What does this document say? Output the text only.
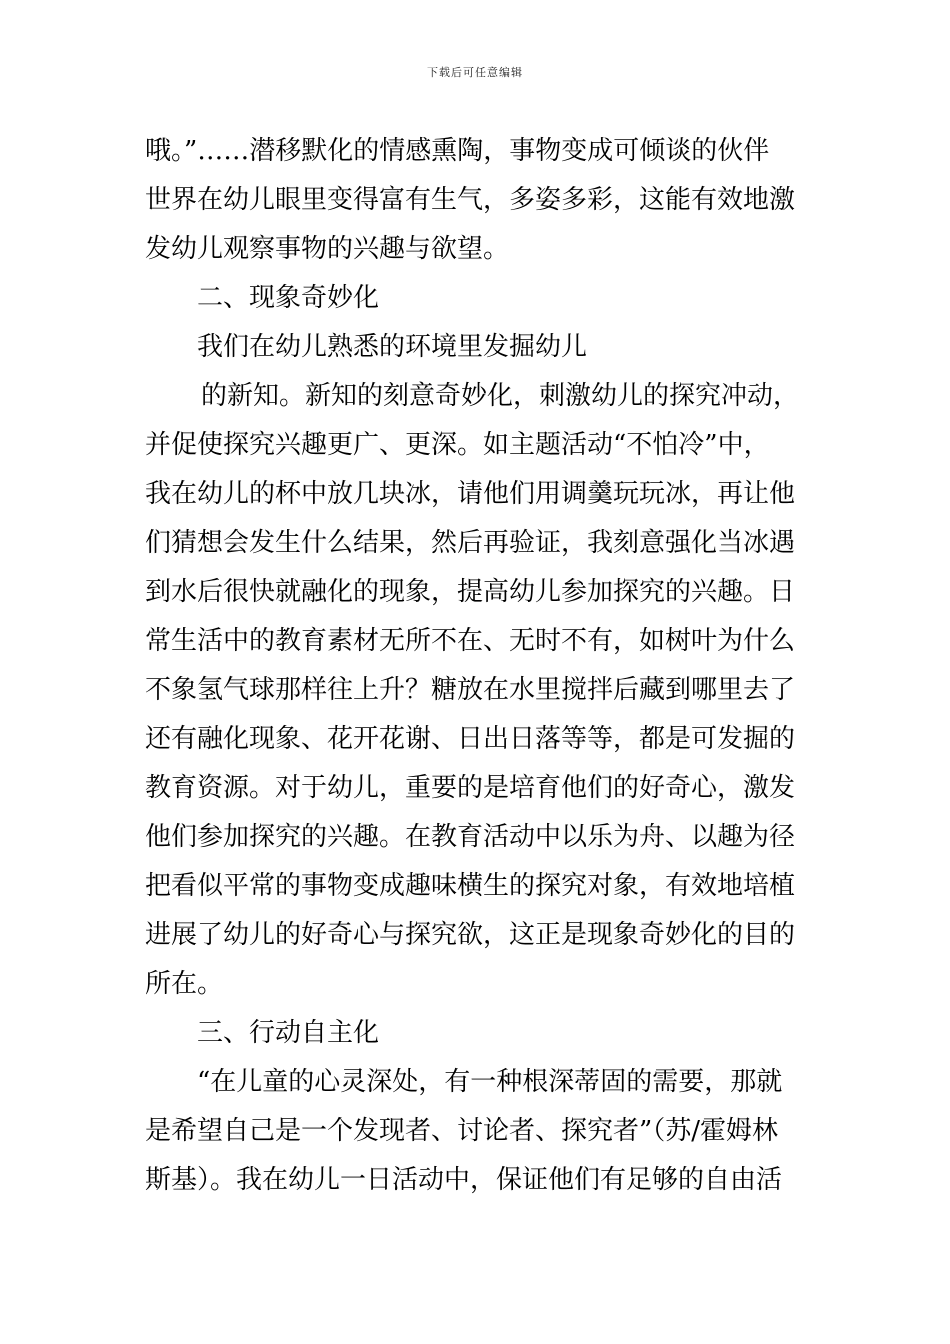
下载后可任意编辑
哦。”……潜移默化的情感熏陶，事物变成可倾谈的伙伴
世界在幼儿眼里变得富有生气，多姿多彩，这能有效地激
发幼儿观察事物的兴趣与欲望。
二、现象奇妙化
我们在幼儿熟悉的环境里发掘幼儿
的新知。新知的刻意奇妙化，刺激幼儿的探究冲动，
并促使探究兴趣更广、更深。如主题活动“不怕冷”中，
我在幼儿的杯中放几块冰，请他们用调羹玩玩冰，再让他
们猜想会发生什么结果，然后再验证，我刻意强化当冰遇
到水后很快就融化的现象，提高幼儿参加探究的兴趣。日
常生活中的教育素材无所不在、无时不有，如树叶为什么
不象氢气球那样往上升？糖放在水里搅拌后藏到哪里去了
还有融化现象、花开花谢、日出日落等等，都是可发掘的
教育资源。对于幼儿，重要的是培育他们的好奇心，激发
他们参加探究的兴趣。在教育活动中以乐为舟、以趣为径
把看似平常的事物变成趣味横生的探究对象，有效地培植
进展了幼儿的好奇心与探究欲，这正是现象奇妙化的目的
所在。
三、行动自主化
“在儿童的心灵深处，有一种根深蒂固的需要，那就
是希望自己是一个发现者、讨论者、探究者”（苏/霍姆林
斯基）。我在幼儿一日活动中，保证他们有足够的自由活
